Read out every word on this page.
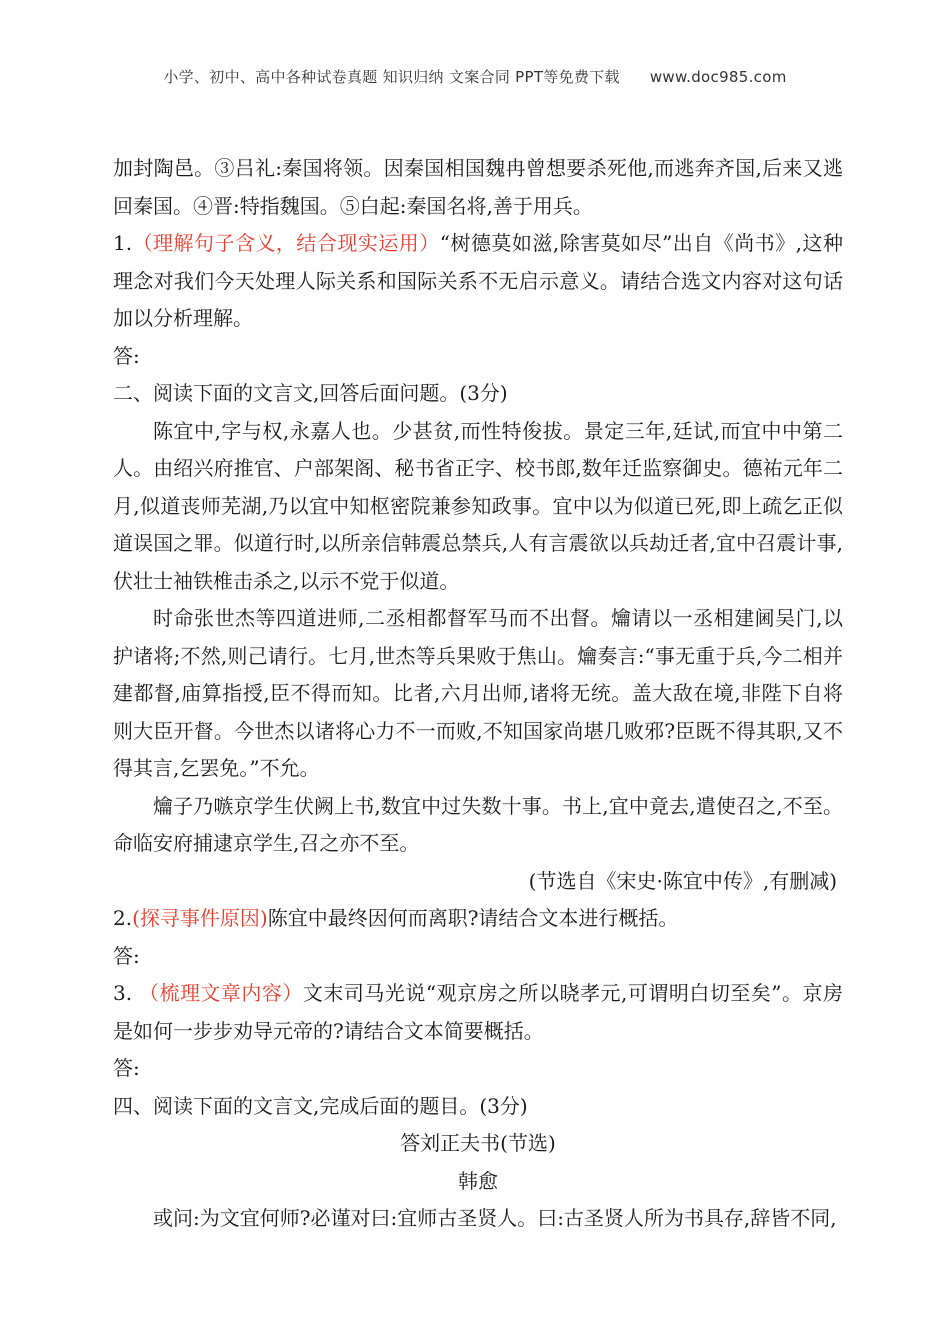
小学、初中、高中各种试卷真题 知识归纳 文案合同 PPT等免费下载 www.doc985.com

加封陶邑。③吕礼:秦国将领。因秦国相国魏冉曾想要杀死他,而逃奔齐国,后来又逃回秦国。④晋:特指魏国。⑤白起:秦国名将,善于用兵。

1.（理解句子含义，结合现实运用）“树德莫如滋,除害莫如尽”出自《尚书》,这种理念对我们今天处理人际关系和国际关系不无启示意义。请结合选文内容对这句话加以分析理解。

答:

二、阅读下面的文言文,回答后面问题。(3分)

陈宜中,字与权,永嘉人也。少甚贫,而性特俊拔。景定三年,廷试,而宜中中第二人。由绍兴府推官、户部架阁、秘书省正字、校书郎,数年迁监察御史。德祐元年二月,似道丧师芜湖,乃以宜中知枢密院兼参知政事。宜中以为似道已死,即上疏乞正似道误国之罪。似道行时,以所亲信韩震总禁兵,人有言震欲以兵劫迁者,宜中召震计事,伏壮士袖铁椎击杀之,以示不党于似道。

时命张世杰等四道进师,二丞相都督军马而不出督。爚请以一丞相建阃吴门,以护诸将;不然,则己请行。七月,世杰等兵果败于焦山。爚奏言:“事无重于兵,今二相并建都督,庙算指授,臣不得而知。比者,六月出师,诸将无统。盖大敌在境,非陛下自将则大臣开督。今世杰以诸将心力不一而败,不知国家尚堪几败邪?臣既不得其职,又不得其言,乞罢免。”不允。

爚子乃嗾京学生伏阙上书,数宜中过失数十事。书上,宜中竟去,遣使召之,不至。命临安府捕逮京学生,召之亦不至。

(节选自《宋史·陈宜中传》,有删减)

2.(探寻事件原因)陈宜中最终因何而离职?请结合文本进行概括。

答:

3. （梳理文章内容）文末司马光说“观京房之所以晓孝元,可谓明白切至矣”。京房是如何一步步劝导元帝的?请结合文本简要概括。

答:

四、阅读下面的文言文,完成后面的题目。(3分)

答刘正夫书(节选)

韩愈

或问:为文宜何师?必谨对曰:宜师古圣贤人。曰:古圣贤人所为书具存,辞皆不同,
